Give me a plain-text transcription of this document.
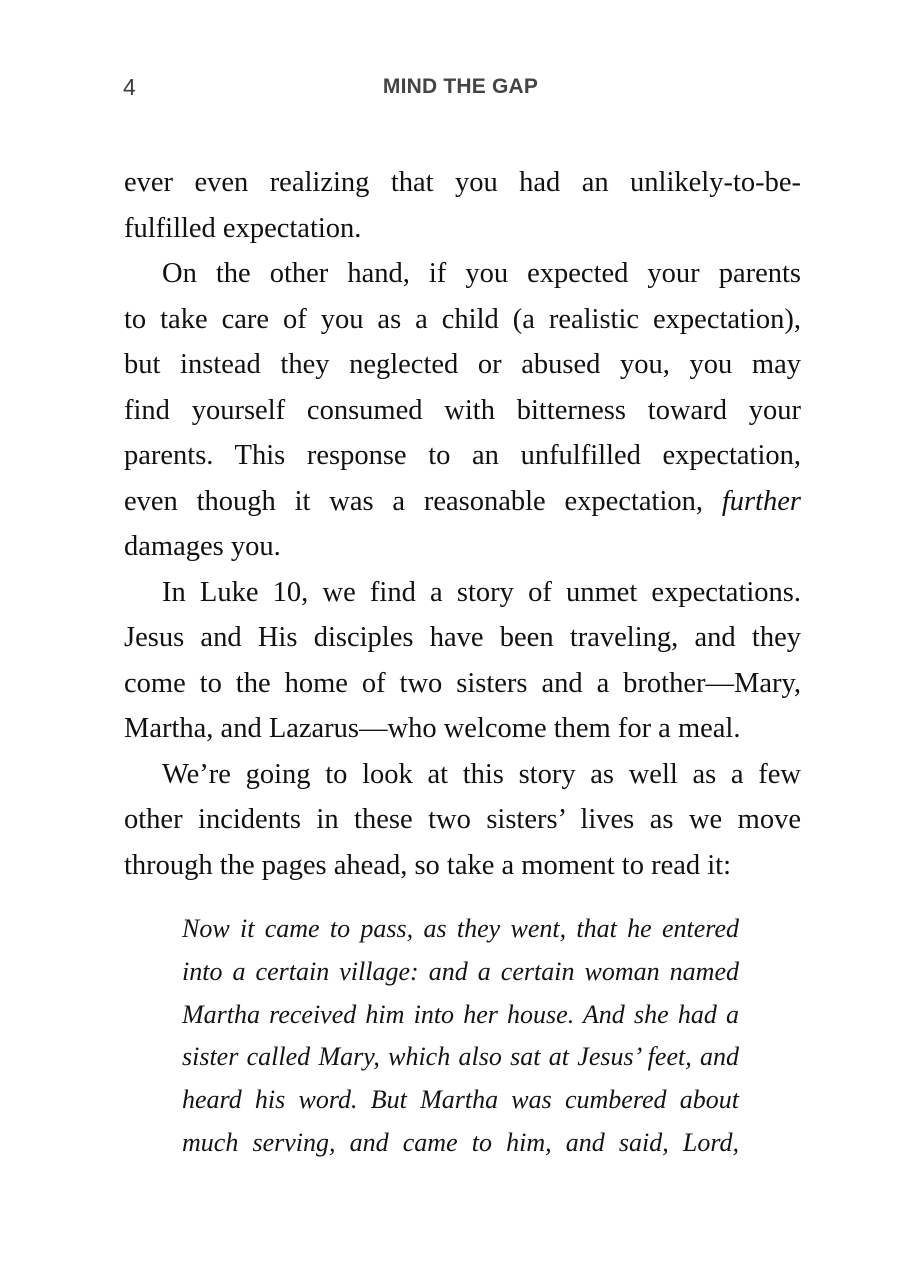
4	MIND THE GAP
ever even realizing that you had an unlikely-to-be-
fulfilled expectation.
On the other hand, if you expected your parents
to take care of you as a child (a realistic expectation),
but instead they neglected or abused you, you may
find yourself consumed with bitterness toward your
parents. This response to an unfulfilled expectation,
even though it was a reasonable expectation, further
damages you.
In Luke 10, we find a story of unmet expectations.
Jesus and His disciples have been traveling, and they
come to the home of two sisters and a brother—Mary,
Martha, and Lazarus—who welcome them for a meal.
We’re going to look at this story as well as a few
other incidents in these two sisters’ lives as we move
through the pages ahead, so take a moment to read it:
Now it came to pass, as they went, that he entered
into a certain village: and a certain woman named
Martha received him into her house. And she had a
sister called Mary, which also sat at Jesus’ feet, and
heard his word. But Martha was cumbered about
much serving, and came to him, and said, Lord,
